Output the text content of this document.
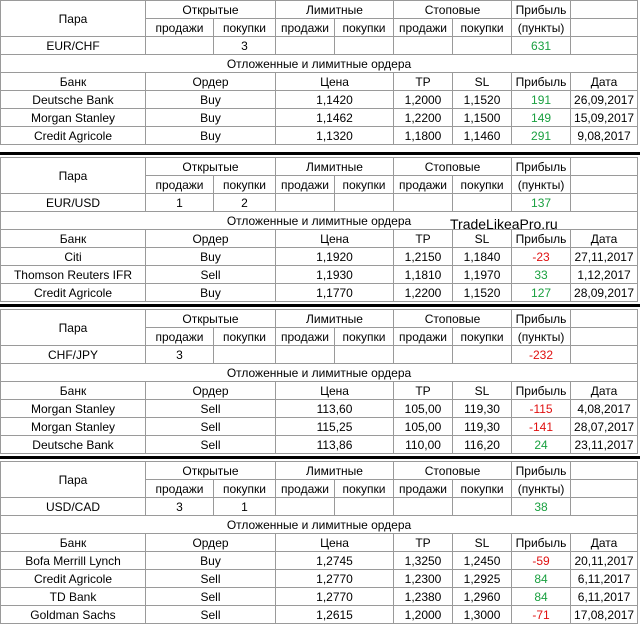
Пара	Открытые		Лимитные		Стоповые		Прибыль	
	продажи	покупки	продажи	покупки	продажи	покупки	(пункты)	
EUR/CHF		3					631	
Отложенные и лимитные ордера								
Банк	Ордер		Цена		TP	SL	Прибыль	Дата
Deutsche Bank	Buy		1,1420		1,2000	1,1520	191	26,09,2017
Morgan Stanley	Buy		1,1462		1,2200	1,1500	149	15,09,2017
Credit Agricole	Buy		1,1320		1,1800	1,1460	291	9,08,2017
Пара	Открытые		Лимитные		Стоповые		Прибыль	
	продажи	покупки	продажи	покупки	продажи	покупки	(пункты)	
EUR/USD	1	2					137	
Отложенные и лимитные ордера								
Банк	Ордер		Цена		TP	SL	Прибыль	Дата
Citi	Buy		1,1920		1,2150	1,1840	-23	27,11,2017
Thomson Reuters IFR	Sell		1,1930		1,1810	1,1970	33	1,12,2017
Credit Agricole	Buy		1,1770		1,2200	1,1520	127	28,09,2017
Пара	Открытые		Лимитные		Стоповые		Прибыль	
	продажи	покупки	продажи	покупки	продажи	покупки	(пункты)	
CHF/JPY	3						-232	
Отложенные и лимитные ордера								
Банк	Ордер		Цена		TP	SL	Прибыль	Дата
Morgan Stanley	Sell		113,60		105,00	119,30	-115	4,08,2017
Morgan Stanley	Sell		115,25		105,00	119,30	-141	28,07,2017
Deutsche Bank	Sell		113,86		110,00	116,20	24	23,11,2017
Пара	Открытые		Лимитные		Стоповые		Прибыль	
	продажи	покупки	продажи	покупки	продажи	покупки	(пункты)	
USD/CAD	3	1					38	
Отложенные и лимитные ордера								
Банк	Ордер		Цена		TP	SL	Прибыль	Дата
Bofa Merrill Lynch	Buy		1,2745		1,3250	1,2450	-59	20,11,2017
Credit Agricole	Sell		1,2770		1,2300	1,2925	84	6,11,2017
TD Bank	Sell		1,2770		1,2380	1,2960	84	6,11,2017
Goldman Sachs	Sell		1,2615		1,2000	1,3000	-71	17,08,2017
TradeLikeaPro.ru
